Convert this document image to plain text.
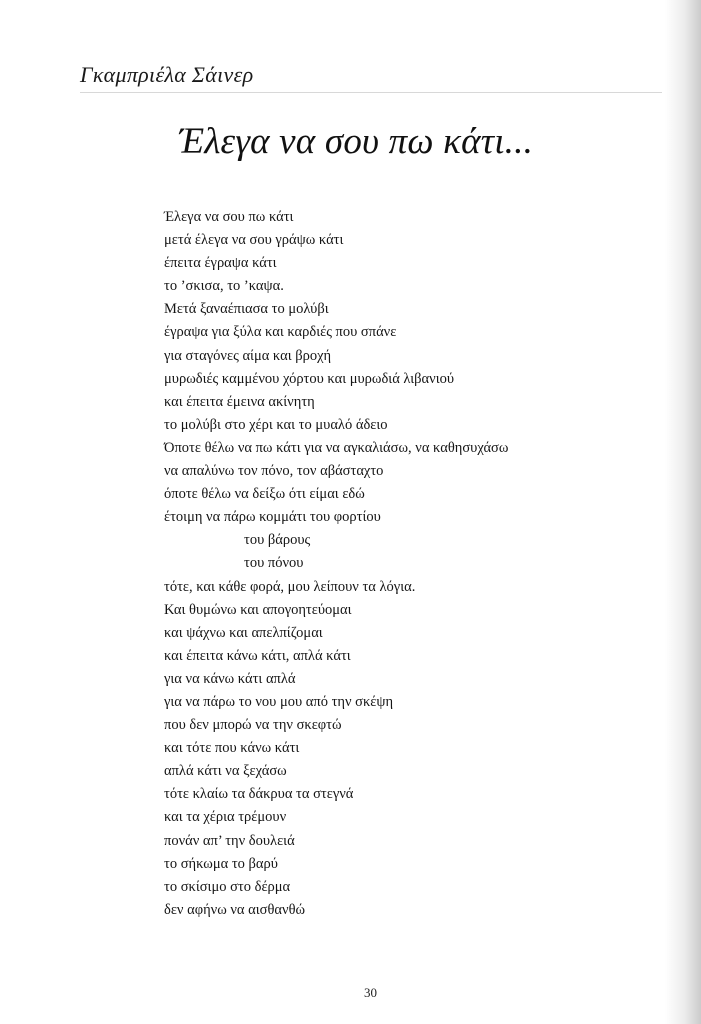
Γκαμπριέλα Σάινερ
Έλεγα να σου πω κάτι...
Έλεγα να σου πω κάτι
μετά έλεγα να σου γράψω κάτι
έπειτα έγραψα κάτι
το ’σκισα, το ’καψα.
Μετά ξαναέπιασα το μολύβι
έγραψα για ξύλα και καρδιές που σπάνε
για σταγόνες αίμα και βροχή
μυρωδιές καμμένου χόρτου και μυρωδιά λιβανιού
και έπειτα έμεινα ακίνητη
το μολύβι στο χέρι και το μυαλό άδειο
Όποτε θέλω να πω κάτι για να αγκαλιάσω, να καθησυχάσω
να απαλύνω τον πόνο, τον αβάσταχτο
όποτε θέλω να δείξω ότι είμαι εδώ
έτοιμη να πάρω κομμάτι του φορτίου
του βάρους
του πόνου
τότε, και κάθε φορά, μου λείπουν τα λόγια.
Και θυμώνω και απογοητεύομαι
και ψάχνω και απελπίζομαι
και έπειτα κάνω κάτι, απλά κάτι
για να κάνω κάτι απλά
για να πάρω το νου μου από την σκέψη
που δεν μπορώ να την σκεφτώ
και τότε που κάνω κάτι
απλά κάτι να ξεχάσω
τότε κλαίω τα δάκρυα τα στεγνά
και τα χέρια τρέμουν
πονάν απ’ την δουλειά
το σήκωμα το βαρύ
το σκίσιμο στο δέρμα
δεν αφήνω να αισθανθώ
30
